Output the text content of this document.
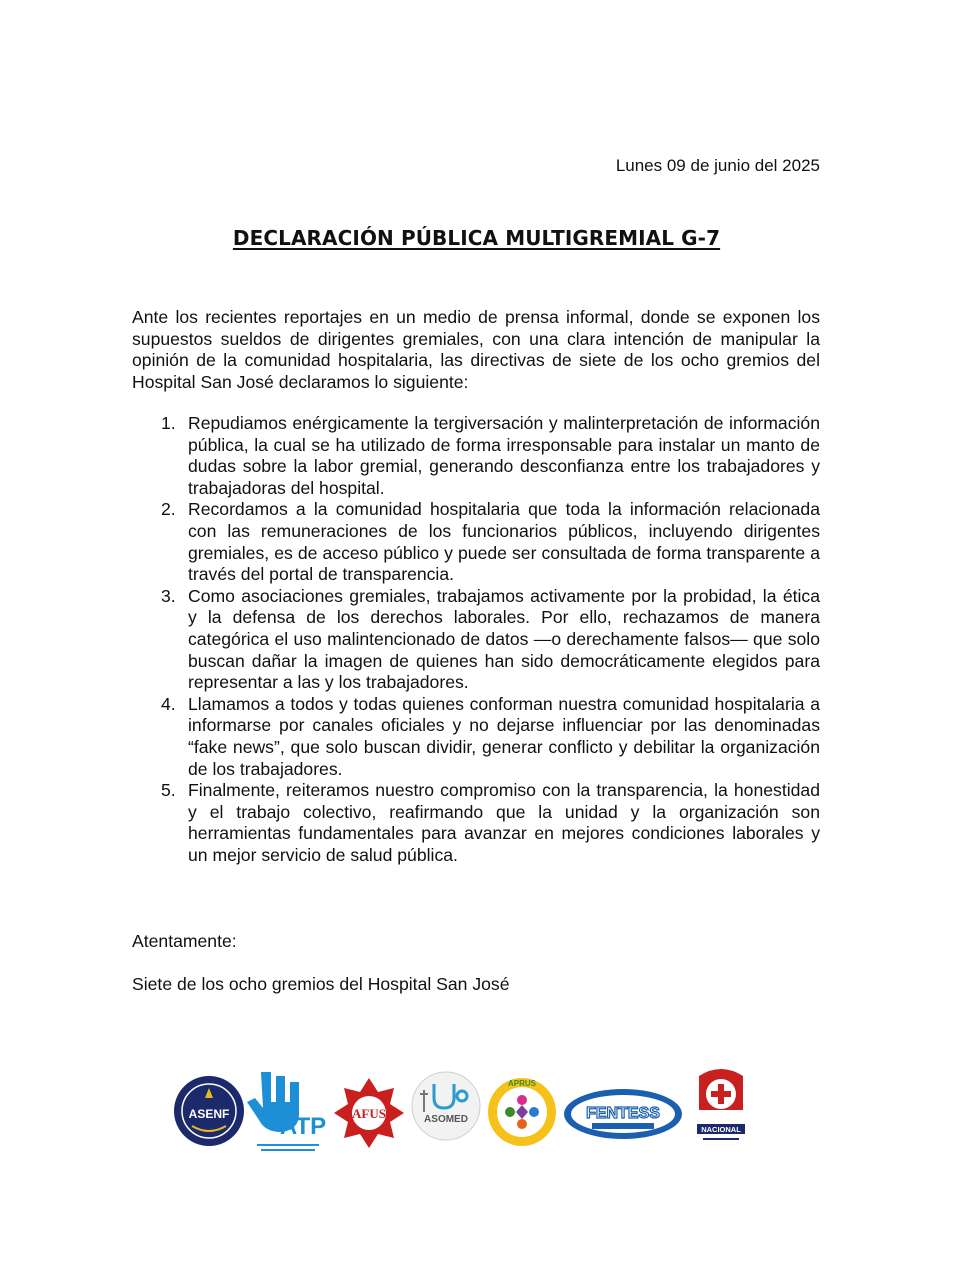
Lunes 09 de junio del 2025
DECLARACIÓN PÚBLICA MULTIGREMIAL G-7

Ante los recientes reportajes en un medio de prensa informal, donde se exponen los supuestos sueldos de dirigentes gremiales, con una clara intención de manipular la opinión de la comunidad hospitalaria, las directivas de siete de los ocho gremios del Hospital San José declaramos lo siguiente:

1. Repudiamos enérgicamente la tergiversación y malinterpretación de información pública, la cual se ha utilizado de forma irresponsable para instalar un manto de dudas sobre la labor gremial, generando desconfianza entre los trabajadores y trabajadoras del hospital.
2. Recordamos a la comunidad hospitalaria que toda la información relacionada con las remuneraciones de los funcionarios públicos, incluyendo dirigentes gremiales, es de acceso público y puede ser consultada de forma transparente a través del portal de transparencia.
3. Como asociaciones gremiales, trabajamos activamente por la probidad, la ética y la defensa de los derechos laborales. Por ello, rechazamos de manera categórica el uso malintencionado de datos —o derechamente falsos— que solo buscan dañar la imagen de quienes han sido democráticamente elegidos para representar a las y los trabajadores.
4. Llamamos a todos y todas quienes conforman nuestra comunidad hospitalaria a informarse por canales oficiales y no dejarse influenciar por las denominadas “fake news”, que solo buscan dividir, generar conflicto y debilitar la organización de los trabajadores.
5. Finalmente, reiteramos nuestro compromiso con la transparencia, la honestidad y el trabajo colectivo, reafirmando que la unidad y la organización son herramientas fundamentales para avanzar en mejores condiciones laborales y un mejor servicio de salud pública.
Atentamente:
Siete de los ocho gremios del Hospital San José
ASENF ATP AFUS	ASOMED
APRUS
FENTESS
NACIONAL
